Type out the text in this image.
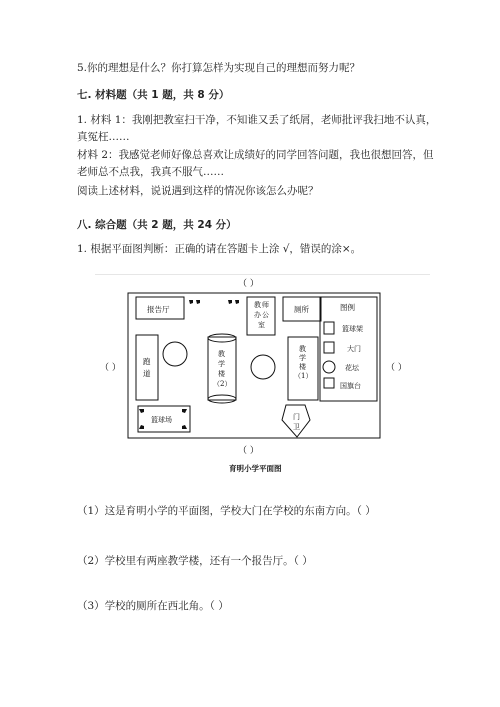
5.你的理想是什么？你打算怎样为实现自己的理想而努力呢？
七. 材料题（共 1 题，共 8 分）
1. 材料 1：我刚把教室扫干净，不知谁又丢了纸屑，老师批评我扫地不认真，
真冤枉……
材料 2：我感觉老师好像总喜欢让成绩好的同学回答问题，我也很想回答，但
老师总不点我，我真不服气……
阅读上述材料，说说遇到这样的情况你该怎么办呢？
八. 综合题（共 2 题，共 24 分）
1. 根据平面图判断：正确的请在答题卡上涂 √，错误的涂×。
（ ）
（ ）
（ ）	（ ）
报告厅	教 师
办 公
室
厕所	图例
跑
道
教
学
楼
（2）
教
学
楼
（1）
篮球场	门
卫
篮球架
大门
花坛
国旗台
育明小学平面图
（1）这是育明小学的平面图，学校大门在学校的东南方向。（ ）
（2）学校里有两座教学楼，还有一个报告厅。（ ）
（3）学校的厕所在西北角。（ ）
